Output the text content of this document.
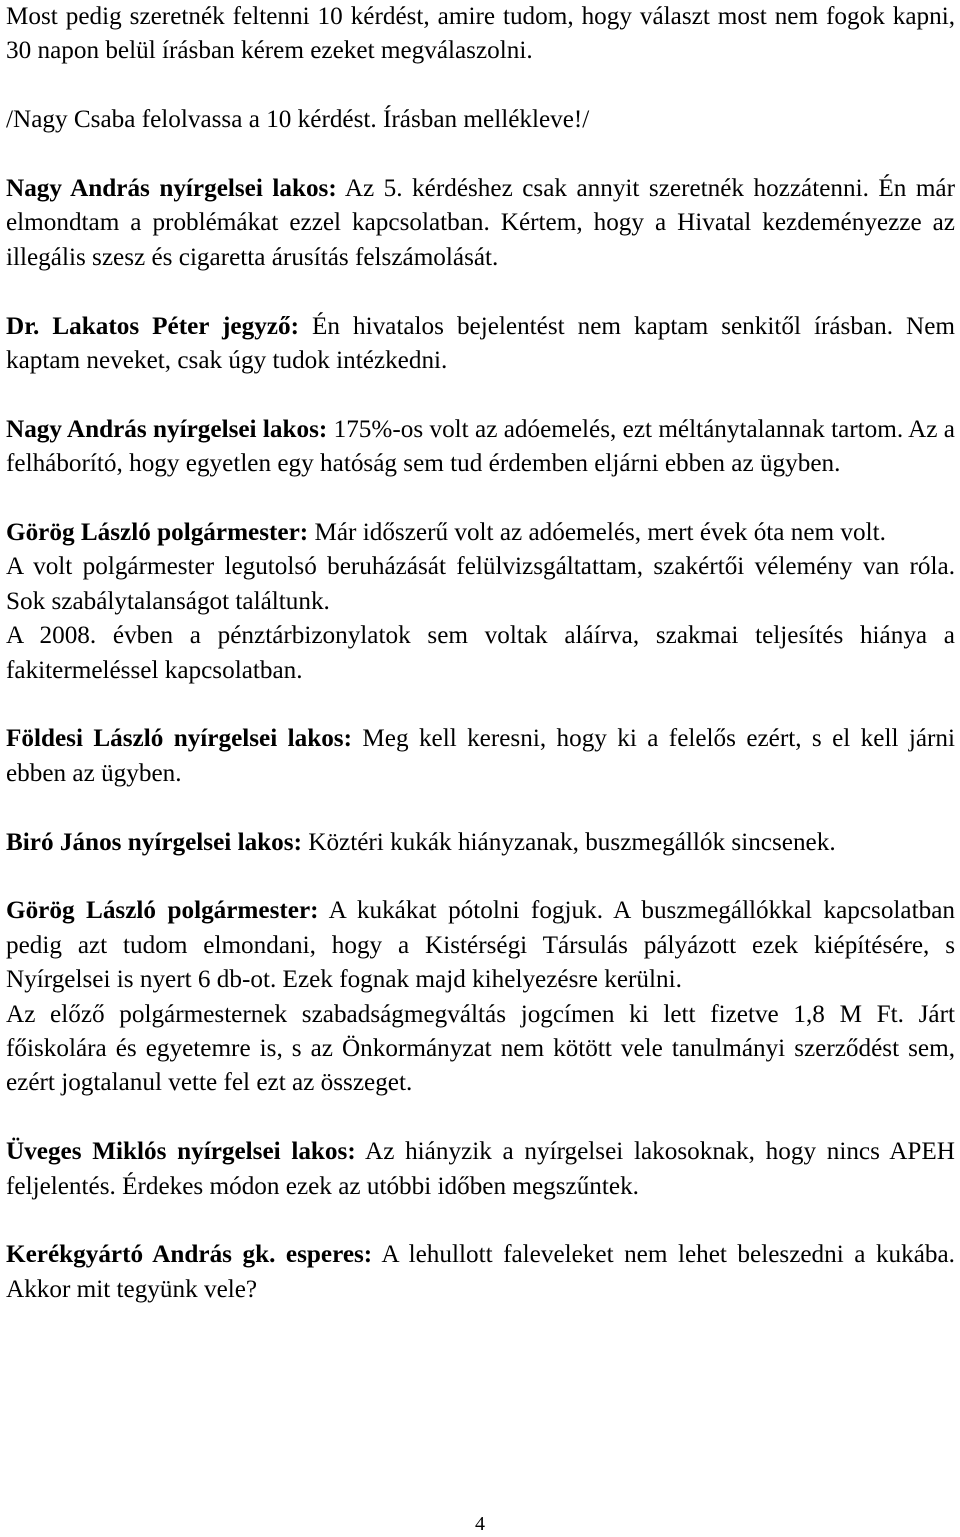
Most pedig szeretnék feltenni 10 kérdést, amire tudom, hogy választ most nem fogok kapni, 30 napon belül írásban kérem ezeket megválaszolni.

/Nagy Csaba felolvassa a 10 kérdést. Írásban mellékleve!/

Nagy András nyírgelsei lakos: Az 5. kérdéshez csak annyit szeretnék hozzátenni. Én már elmondtam a problémákat ezzel kapcsolatban. Kértem, hogy a Hivatal kezdeményezze az illegális szesz és cigaretta árusítás felszámolását.

Dr. Lakatos Péter jegyző: Én hivatalos bejelentést nem kaptam senkitől írásban. Nem kaptam neveket, csak úgy tudok intézkedni.

Nagy András nyírgelsei lakos: 175%-os volt az adóemelés, ezt méltánytalannak tartom. Az a felháborító, hogy egyetlen egy hatóság sem tud érdemben eljárni ebben az ügyben.

Görög László polgármester: Már időszerű volt az adóemelés, mert évek óta nem volt.

A volt polgármester legutolsó beruházását felülvizsgáltattam, szakértői vélemény van róla. Sok szabálytalanságot találtunk.

A 2008. évben a pénztárbizonylatok sem voltak aláírva, szakmai teljesítés hiánya a fakitermeléssel kapcsolatban.

Földesi László nyírgelsei lakos: Meg kell keresni, hogy ki a felelős ezért, s el kell járni ebben az ügyben.

Biró János nyírgelsei lakos: Köztéri kukák hiányzanak, buszmegállók sincsenek.

Görög László polgármester: A kukákat pótolni fogjuk. A buszmegállókkal kapcsolatban pedig azt tudom elmondani, hogy a Kistérségi Társulás pályázott ezek kiépítésére, s Nyírgelsei is nyert 6 db-ot. Ezek fognak majd kihelyezésre kerülni.

Az előző polgármesternek szabadságmegváltás jogcímen ki lett fizetve 1,8 M Ft. Járt főiskolára és egyetemre is, s az Önkormányzat nem kötött vele tanulmányi szerződést sem, ezért jogtalanul vette fel ezt az összeget.

Üveges Miklós nyírgelsei lakos: Az hiányzik a nyírgelsei lakosoknak, hogy nincs APEH feljelentés. Érdekes módon ezek az utóbbi időben megszűntek.

Kerékgyártó András gk. esperes: A lehullott faleveleket nem lehet beleszedni a kukába. Akkor mit tegyünk vele?

4
